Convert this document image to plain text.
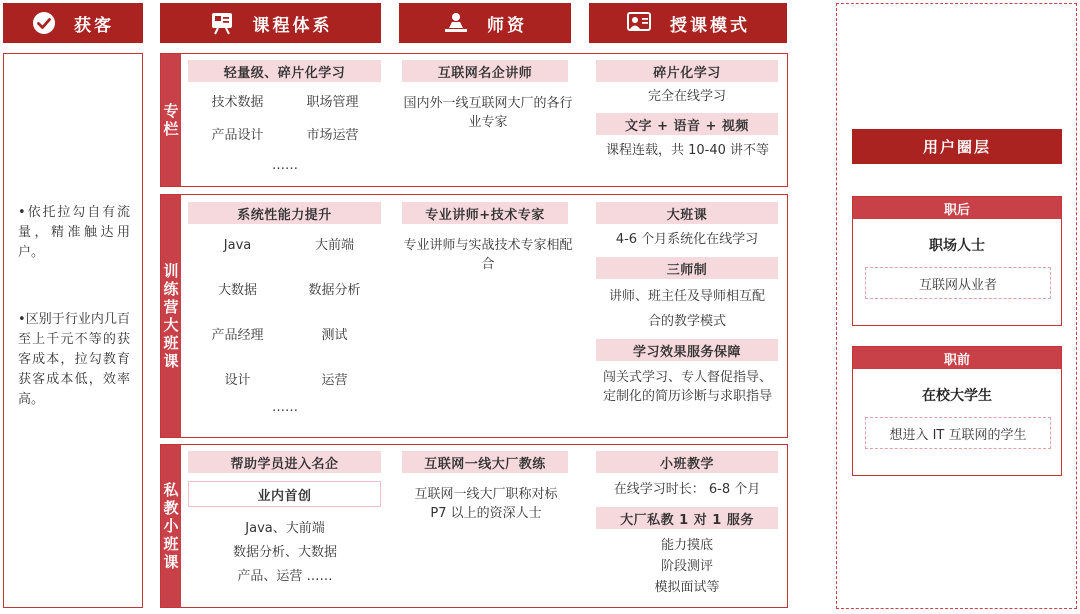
获客	课程体系	师资	授课模式
•依托拉勾自有流量，精准触达用户。
•区别于行业内几百至上千元不等的获客成本，拉勾教育获客成本低，效率高。
专栏
轻量级、碎片化学习
技术数据	职场管理
产品设计	市场运营
……
互联网名企讲师
国内外一线互联网大厂的各行业专家
碎片化学习
完全在线学习
文字 + 语音 + 视频
课程连载，共 10-40 讲不等
训练营大班课
系统性能力提升
Java	大前端
大数据	数据分析
产品经理	测试
设计	运营
……
专业讲师+技术专家
专业讲师与实战技术专家相配合
大班课
4-6 个月系统化在线学习
三师制
讲师、班主任及导师相互配合的教学模式
学习效果服务保障
闯关式学习、专人督促指导、定制化的简历诊断与求职指导
私教小班课
帮助学员进入名企
业内首创
Java、大前端
数据分析、大数据
产品、运营 ……
互联网一线大厂教练
互联网一线大厂职称对标 P7 以上的资深人士
小班教学
在线学习时长： 6-8 个月
大厂私教 1 对 1 服务
能力摸底
阶段测评
模拟面试等
用户圈层
职后
职场人士
互联网从业者
职前
在校大学生
想进入 IT 互联网的学生
